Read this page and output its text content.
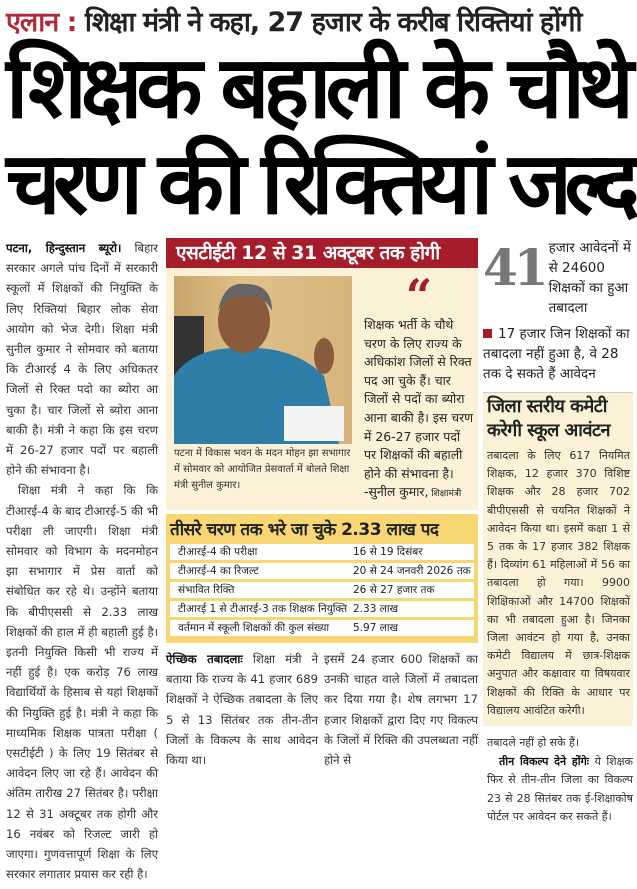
एलान : शिक्षा मंत्री ने कहा, 27 हजार के करीब रिक्तियां होंगी
शिक्षक बहाली के चौथे
चरण की रिक्तियां जल्द

पटना, हिन्दुस्तान ब्यूरो। बिहार सरकार अगले पांच दिनों में सरकारी स्कूलों में शिक्षकों की नियुक्ति के लिए रिक्तियां बिहार लोक सेवा आयोग को भेज देगी। शिक्षा मंत्री सुनील कुमार ने सोमवार को बताया कि टीआरई 4 के लिए अधिकतर जिलों से रिक्त पदो का ब्योरा आ चुका है। चार जिलों से ब्योरा आना बाकी है। मंत्री ने कहा कि इस चरण में 26-27 हजार पदों पर बहाली होने की संभावना है।

शिक्षा मंत्री ने कहा कि कि टीआरई-4 के बाद टीआरई-5 की भी परीक्षा ली जाएगी। शिक्षा मंत्री सोमवार को विभाग के मदनमोहन झा सभागार में प्रेस वार्ता को संबोधित कर रहे थे। उन्होंने बताया कि बीपीएससी से 2.33 लाख शिक्षकों की हाल में ही बहाली हुई है। इतनी नियुक्ति किसी भी राज्य में नहीं हुई है। एक करोड़ 76 लाख विद्यार्थियों के हिसाब से यहां शिक्षकों की नियुक्ति हुई है। मंत्री ने कहा कि माध्यमिक शिक्षक पात्रता परीक्षा ( एसटीईटी ) के लिए 19 सितंबर से आवेदन लिए जा रहे हैं। आवेदन की अंतिम तारीख 27 सितंबर है। परीक्षा 12 से 31 अक्टूबर तक होगी और 16 नवंबर को रिजल्ट जारी हो जाएगा। गुणवत्तापूर्ण शिक्षा के लिए सरकार लगातार प्रयास कर रही है।

एसटीईटी 12 से 31 अक्टूबर तक होगी
पटना में विकास भवन के मदन मोहन झा सभागार में सोमवार को आयोजित प्रेसवार्ता में बोलते शिक्षा मंत्री सुनील कुमार।
“
शिक्षक भर्ती के चौथे चरण के लिए राज्य के अधिकांश जिलों से रिक्त पद आ चुके हैं। चार जिलों से पदों का ब्योरा आना बाकी है। इस चरण में 26-27 हजार पदों पर शिक्षकों की बहाली होने की संभावना है। -सुनील कुमार, शिक्षामंत्री
तीसरे चरण तक भरे जा चुके 2.33 लाख पद
टीआरई-4 की परीक्षा	16 से 19 दिसंबर
टीआरई-4 का रिजल्ट	20 से 24 जनवरी 2026 तक
संभावित रिक्ति	26 से 27 हजार तक
टीआरई 1 से टीआरई-3 तक शिक्षक नियुक्ति 2.33 लाख
वर्तमान में स्कूली शिक्षकों की कुल संख्या	5.97 लाख
ऐच्छिक तबादलाः शिक्षा मंत्री ने बताया कि राज्य के 41 हजार 689 शिक्षकों ने ऐच्छिक तबादला के लिए 5 से 13 सितंबर तक तीन-तीन जिलों के विकल्प के साथ आवेदन किया था।
इसमें 24 हजार 600 शिक्षकों का उनकी चाहत वाले जिलों में तबादला कर दिया गया है। शेष लगभग 17 हजार शिक्षकों द्वारा दिए गए विकल्प के जिलों में रिक्ति की उपलब्धता नहीं होने से
41 हजार आवेदनों में से 24600 शिक्षकों का हुआ तबादला
17 हजार जिन शिक्षकों का तबादला नहीं हुआ है, वे 28 तक दे सकते हैं आवेदन
जिला स्तरीय कमेटी करेगी स्कूल आवंटन
तबादला के लिए 617 नियमित शिक्षक, 12 हजार 370 विशिष्ट शिक्षक और 28 हजार 702 बीपीएससी से चयनित शिक्षकों ने आवेदन किया था। इसमें कक्षा 1 से 5 तक के 17 हजार 382 शिक्षक हैं। दिव्यांग 61 महिलाओं में 56 का तबादला हो गया। 9900 शिक्षिकाओं और 14700 शिक्षकों का भी तबादला हुआ है। जिनका जिला आवंटन हो गया है, उनका कमेटी विद्यालय में छात्र-शिक्षक अनुपात और कक्षावार या विषयवार शिक्षकों की रिक्ति के आधार पर विद्यालय आवंटित करेगी।

तबादले नहीं हो सके हैं।

तीन विकल्प देने होंगेः ये शिक्षक फिर से तीन-तीन जिला का विकल्प 23 से 28 सितंबर तक ई-शिक्षाकोष पोर्टल पर आवेदन कर सकते हैं।
